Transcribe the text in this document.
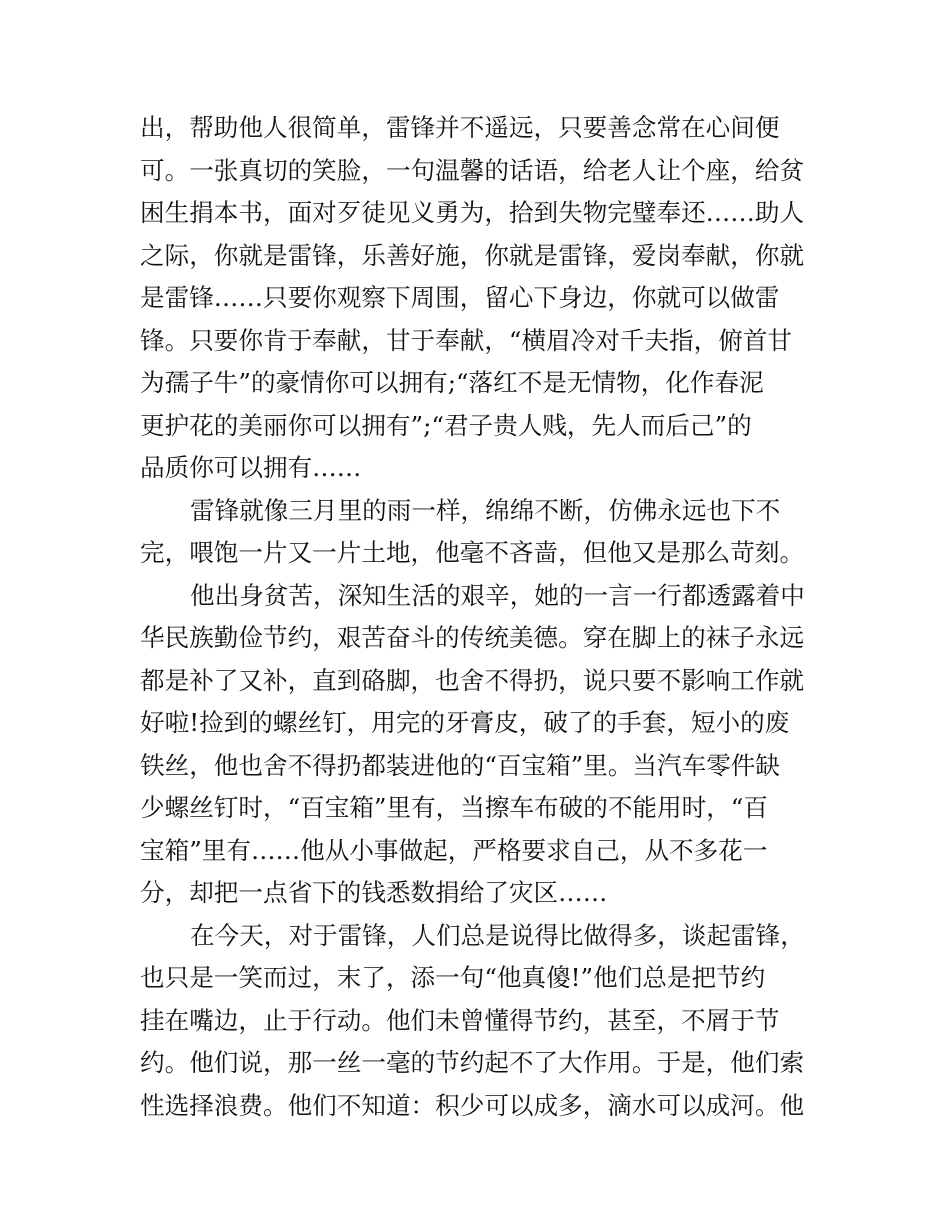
出，帮助他人很简单，雷锋并不遥远，只要善念常在心间便
可。一张真切的笑脸，一句温馨的话语，给老人让个座，给贫
困生捐本书，面对歹徒见义勇为，拾到失物完璧奉还……助人
之际，你就是雷锋，乐善好施，你就是雷锋，爱岗奉献，你就
是雷锋……只要你观察下周围，留心下身边，你就可以做雷
锋。只要你肯于奉献，甘于奉献，“横眉冷对千夫指，俯首甘
为孺子牛”的豪情你可以拥有;“落红不是无情物，化作春泥
更护花的美丽你可以拥有”;“君子贵人贱，先人而后己”的
品质你可以拥有……
雷锋就像三月里的雨一样，绵绵不断，仿佛永远也下不
完，喂饱一片又一片土地，他毫不吝啬，但他又是那么苛刻。
他出身贫苦，深知生活的艰辛，她的一言一行都透露着中
华民族勤俭节约，艰苦奋斗的传统美德。穿在脚上的袜子永远
都是补了又补，直到硌脚，也舍不得扔，说只要不影响工作就
好啦!捡到的螺丝钉，用完的牙膏皮，破了的手套，短小的废
铁丝，他也舍不得扔都装进他的“百宝箱”里。当汽车零件缺
少螺丝钉时，“百宝箱”里有，当擦车布破的不能用时，“百
宝箱”里有……他从小事做起，严格要求自己，从不多花一
分，却把一点省下的钱悉数捐给了灾区……
在今天，对于雷锋，人们总是说得比做得多，谈起雷锋，
也只是一笑而过，末了，添一句“他真傻!”他们总是把节约
挂在嘴边，止于行动。他们未曾懂得节约，甚至，不屑于节
约。他们说，那一丝一毫的节约起不了大作用。于是，他们索
性选择浪费。他们不知道：积少可以成多，滴水可以成河。他
